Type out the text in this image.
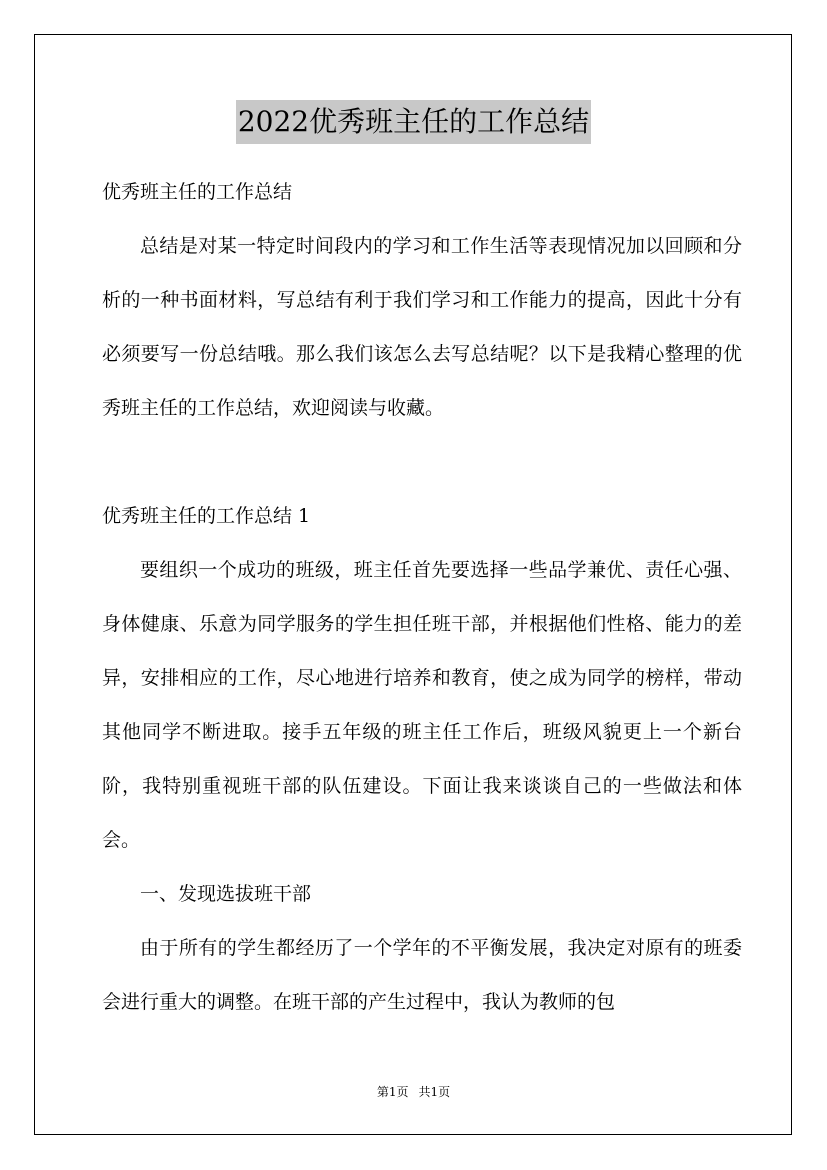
2022优秀班主任的工作总结

优秀班主任的工作总结

总结是对某一特定时间段内的学习和工作生活等表现情况加以回顾和分析的一种书面材料，写总结有利于我们学习和工作能力的提高，因此十分有必须要写一份总结哦。那么我们该怎么去写总结呢？以下是我精心整理的优秀班主任的工作总结，欢迎阅读与收藏。

优秀班主任的工作总结 1

要组织一个成功的班级，班主任首先要选择一些品学兼优、责任心强、身体健康、乐意为同学服务的学生担任班干部，并根据他们性格、能力的差异，安排相应的工作，尽心地进行培养和教育，使之成为同学的榜样，带动其他同学不断进取。接手五年级的班主任工作后，班级风貌更上一个新台阶，我特别重视班干部的队伍建设。下面让我来谈谈自己的一些做法和体会。

一、发现选拔班干部

由于所有的学生都经历了一个学年的不平衡发展，我决定对原有的班委会进行重大的调整。在班干部的产生过程中，我认为教师的包

第1页 共1页
